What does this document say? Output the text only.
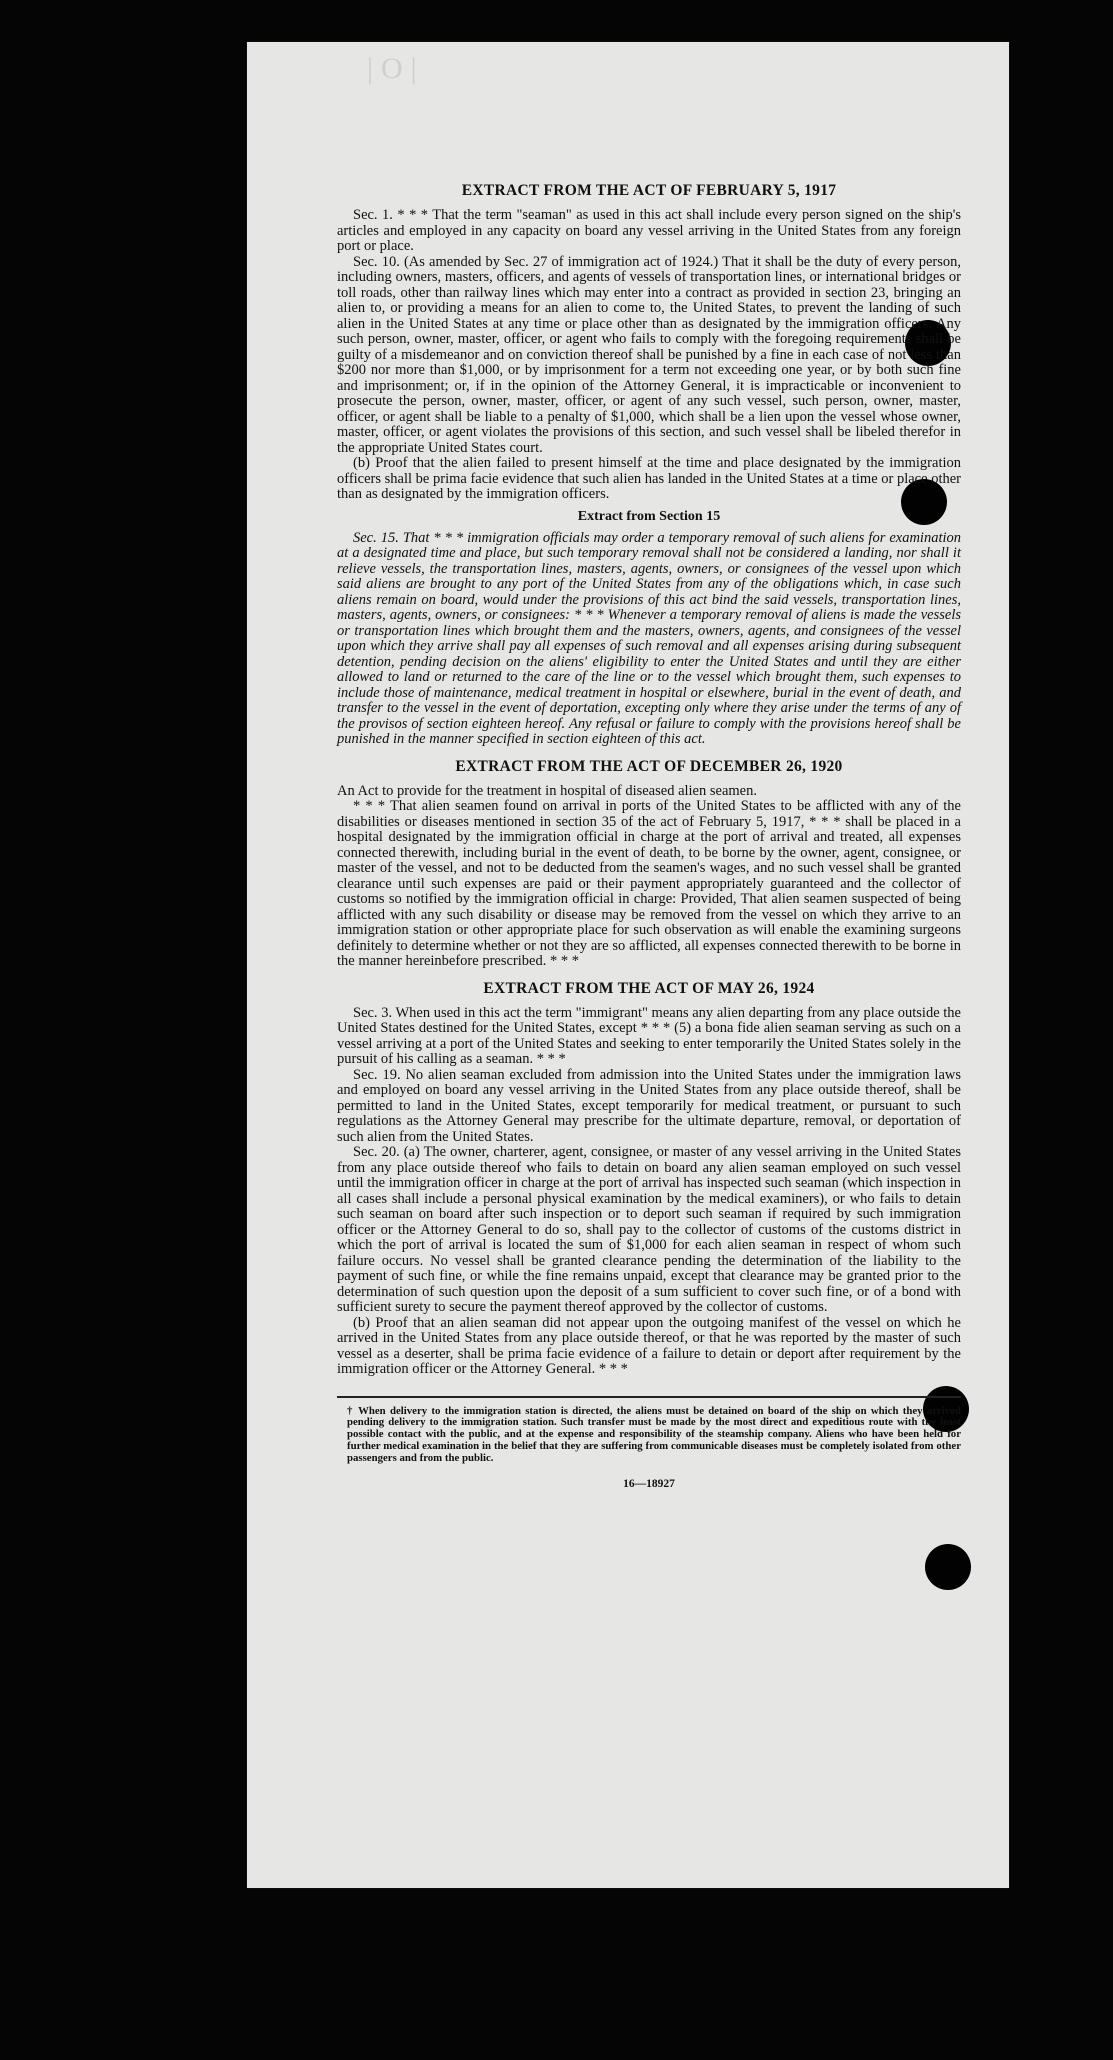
|O|
EXTRACT FROM THE ACT OF FEBRUARY 5, 1917

Sec. 1. * * * That the term "seaman" as used in this act shall include every person signed on the ship's articles and employed in any capacity on board any vessel arriving in the United States from any foreign port or place.

Sec. 10. (As amended by Sec. 27 of immigration act of 1924.) That it shall be the duty of every person, including owners, masters, officers, and agents of vessels of transportation lines, or international bridges or toll roads, other than railway lines which may enter into a contract as provided in section 23, bringing an alien to, or providing a means for an alien to come to, the United States, to prevent the landing of such alien in the United States at any time or place other than as designated by the immigration officers. Any such person, owner, master, officer, or agent who fails to comply with the foregoing requirements shall be guilty of a misdemeanor and on conviction thereof shall be punished by a fine in each case of not less than $200 nor more than $1,000, or by imprisonment for a term not exceeding one year, or by both such fine and imprisonment; or, if in the opinion of the Attorney General, it is impracticable or inconvenient to prosecute the person, owner, master, officer, or agent of any such vessel, such person, owner, master, officer, or agent shall be liable to a penalty of $1,000, which shall be a lien upon the vessel whose owner, master, officer, or agent violates the provisions of this section, and such vessel shall be libeled therefor in the appropriate United States court.

(b) Proof that the alien failed to present himself at the time and place designated by the immigration officers shall be prima facie evidence that such alien has landed in the United States at a time or place other than as designated by the immigration officers.

Extract from Section 15

Sec. 15. That * * * immigration officials may order a temporary removal of such aliens for examination at a designated time and place, but such temporary removal shall not be considered a landing, nor shall it relieve vessels, the transportation lines, masters, agents, owners, or consignees of the vessel upon which said aliens are brought to any port of the United States from any of the obligations which, in case such aliens remain on board, would under the provisions of this act bind the said vessels, transportation lines, masters, agents, owners, or consignees: * * * Whenever a temporary removal of aliens is made the vessels or transportation lines which brought them and the masters, owners, agents, and consignees of the vessel upon which they arrive shall pay all expenses of such removal and all expenses arising during subsequent detention, pending decision on the aliens' eligibility to enter the United States and until they are either allowed to land or returned to the care of the line or to the vessel which brought them, such expenses to include those of maintenance, medical treatment in hospital or elsewhere, burial in the event of death, and transfer to the vessel in the event of deportation, excepting only where they arise under the terms of any of the provisos of section eighteen hereof. Any refusal or failure to comply with the provisions hereof shall be punished in the manner specified in section eighteen of this act.

EXTRACT FROM THE ACT OF DECEMBER 26, 1920

An Act to provide for the treatment in hospital of diseased alien seamen.

* * * That alien seamen found on arrival in ports of the United States to be afflicted with any of the disabilities or diseases mentioned in section 35 of the act of February 5, 1917, * * * shall be placed in a hospital designated by the immigration official in charge at the port of arrival and treated, all expenses connected therewith, including burial in the event of death, to be borne by the owner, agent, consignee, or master of the vessel, and not to be deducted from the seamen's wages, and no such vessel shall be granted clearance until such expenses are paid or their payment appropriately guaranteed and the collector of customs so notified by the immigration official in charge: Provided, That alien seamen suspected of being afflicted with any such disability or disease may be removed from the vessel on which they arrive to an immigration station or other appropriate place for such observation as will enable the examining surgeons definitely to determine whether or not they are so afflicted, all expenses connected therewith to be borne in the manner hereinbefore prescribed. * * *

EXTRACT FROM THE ACT OF MAY 26, 1924

Sec. 3. When used in this act the term "immigrant" means any alien departing from any place outside the United States destined for the United States, except * * * (5) a bona fide alien seaman serving as such on a vessel arriving at a port of the United States and seeking to enter temporarily the United States solely in the pursuit of his calling as a seaman. * * *

Sec. 19. No alien seaman excluded from admission into the United States under the immigration laws and employed on board any vessel arriving in the United States from any place outside thereof, shall be permitted to land in the United States, except temporarily for medical treatment, or pursuant to such regulations as the Attorney General may prescribe for the ultimate departure, removal, or deportation of such alien from the United States.

Sec. 20. (a) The owner, charterer, agent, consignee, or master of any vessel arriving in the United States from any place outside thereof who fails to detain on board any alien seaman employed on such vessel until the immigration officer in charge at the port of arrival has inspected such seaman (which inspection in all cases shall include a personal physical examination by the medical examiners), or who fails to detain such seaman on board after such inspection or to deport such seaman if required by such immigration officer or the Attorney General to do so, shall pay to the collector of customs of the customs district in which the port of arrival is located the sum of $1,000 for each alien seaman in respect of whom such failure occurs. No vessel shall be granted clearance pending the determination of the liability to the payment of such fine, or while the fine remains unpaid, except that clearance may be granted prior to the determination of such question upon the deposit of a sum sufficient to cover such fine, or of a bond with sufficient surety to secure the payment thereof approved by the collector of customs.

(b) Proof that an alien seaman did not appear upon the outgoing manifest of the vessel on which he arrived in the United States from any place outside thereof, or that he was reported by the master of such vessel as a deserter, shall be prima facie evidence of a failure to detain or deport after requirement by the immigration officer or the Attorney General. * * *

† When delivery to the immigration station is directed, the aliens must be detained on board of the ship on which they arrived pending delivery to the immigration station. Such transfer must be made by the most direct and expeditious route with the least possible contact with the public, and at the expense and responsibility of the steamship company. Aliens who have been held for further medical examination in the belief that they are suffering from communicable diseases must be completely isolated from other passengers and from the public.

16—18927
